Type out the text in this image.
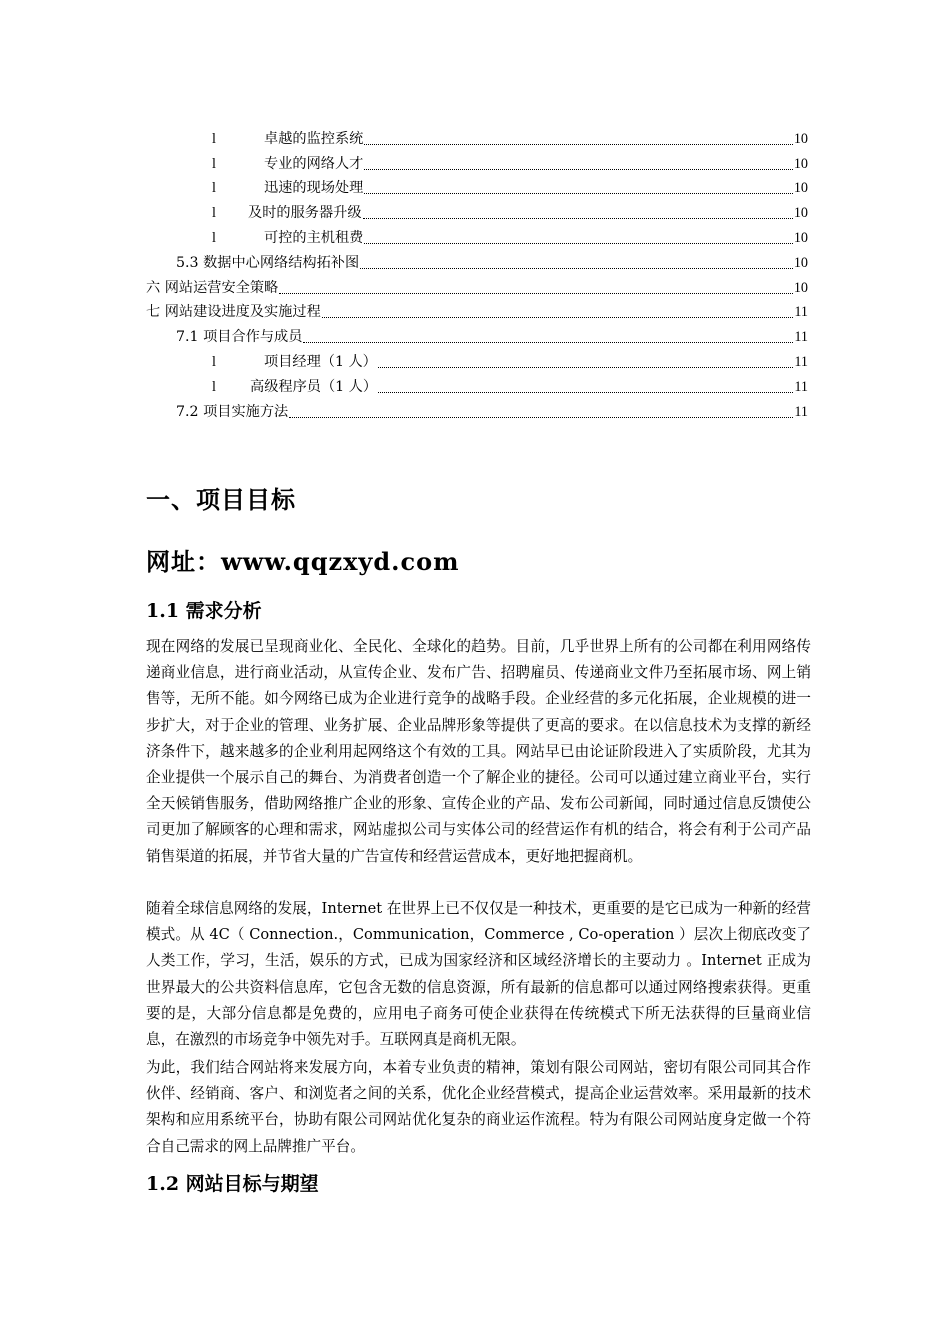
l	卓越的监控系统	10
l	专业的网络人才	10
l	迅速的现场处理	10
l	及时的服务器升级	10
l	可控的主机租费	10
5.3 数据中心网络结构拓补图	10
六 网站运营安全策略	10
七 网站建设进度及实施过程	11
7.1 项目合作与成员	11
l	项目经理（1 人）	11
l	高级程序员（1 人）	11
7.2 项目实施方法	11
一、项目目标
网址：www.qqzxyd.com
1.1 需求分析

现在网络的发展已呈现商业化、全民化、全球化的趋势。目前，几乎世界上所有的公司都在利用网络传递商业信息，进行商业活动，从宣传企业、发布广告、招聘雇员、传递商业文件乃至拓展市场、网上销售等，无所不能。如今网络已成为企业进行竞争的战略手段。企业经营的多元化拓展，企业规模的进一步扩大，对于企业的管理、业务扩展、企业品牌形象等提供了更高的要求。在以信息技术为支撑的新经济条件下，越来越多的企业利用起网络这个有效的工具。网站早已由论证阶段进入了实质阶段，尤其为企业提供一个展示自己的舞台、为消费者创造一个了解企业的捷径。公司可以通过建立商业平台，实行全天候销售服务，借助网络推广企业的形象、宣传企业的产品、发布公司新闻，同时通过信息反馈使公司更加了解顾客的心理和需求，网站虚拟公司与实体公司的经营运作有机的结合，将会有利于公司产品销售渠道的拓展，并节省大量的广告宣传和经营运营成本，更好地把握商机。

随着全球信息网络的发展，Internet 在世界上已不仅仅是一种技术，更重要的是它已成为一种新的经营模式。从 4C（ Connection.，Communication，Commerce , Co-operation ）层次上彻底改变了人类工作，学习，生活，娱乐的方式，已成为国家经济和区域经济增长的主要动力 。Internet 正成为世界最大的公共资料信息库，它包含无数的信息资源，所有最新的信息都可以通过网络搜索获得。更重要的是，大部分信息都是免费的，应用电子商务可使企业获得在传统模式下所无法获得的巨量商业信息，在激烈的市场竞争中领先对手。互联网真是商机无限。

为此，我们结合网站将来发展方向，本着专业负责的精神，策划有限公司网站，密切有限公司同其合作伙伴、经销商、客户、和浏览者之间的关系，优化企业经营模式，提高企业运营效率。采用最新的技术架构和应用系统平台，协助有限公司网站优化复杂的商业运作流程。特为有限公司网站度身定做一个符合自己需求的网上品牌推广平台。

1.2 网站目标与期望
